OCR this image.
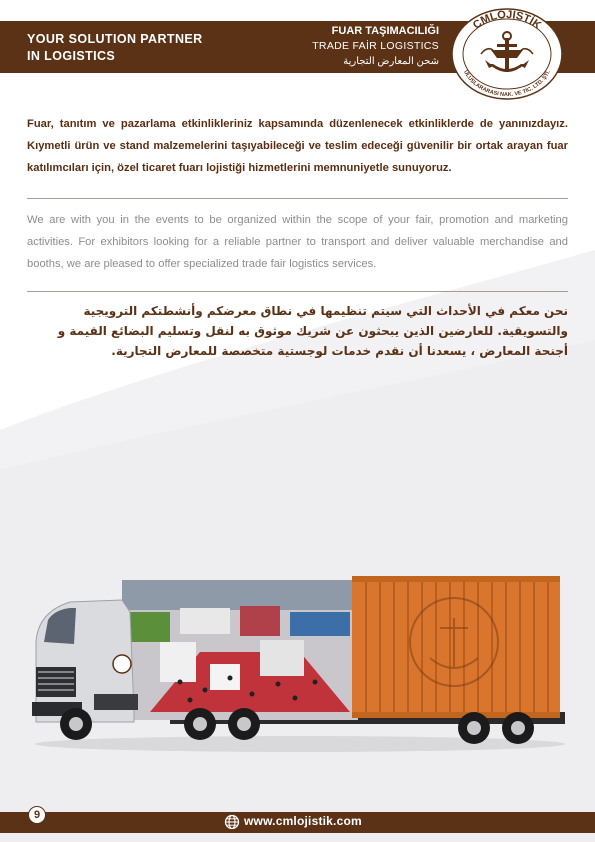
YOUR SOLUTION PARTNER
IN LOGISTICS
FUAR TAŞIMACILIĞI
TRADE FAİR LOGISTICS
شحن المعارض التجارية
CMLOJİSTİK
ULUSLARARASI NAK. VE TİC. LTD. ŞTİ.
Fuar, tanıtım ve pazarlama etkinlikleriniz kapsamında düzenlenecek etkinliklerde de yanınızdayız. Kıymetli ürün ve stand malzemelerini taşıyabileceği ve teslim edeceği güvenilir bir ortak arayan fuar katılımcıları için, özel ticaret fuarı lojistiği hizmetlerini memnuniyetle sunuyoruz.
We are with you in the events to be organized within the scope of your fair, promotion and marketing activities. For exhibitors looking for a reliable partner to transport and deliver valuable merchandise and booths, we are pleased to offer specialized trade fair logistics services.
نحن معكم في الأحداث التي سيتم تنظيمها في نطاق معرضكم وأنشطتكم الترويجية والتسويقية. للعارضين الذين يبحثون عن شريك موثوق به لنقل وتسليم البضائع القيمة و أجنحة المعارض ، يسعدنا أن نقدم خدمات لوجستية متخصصة للمعارض التجارية.
9	www.cmlojistik.com
